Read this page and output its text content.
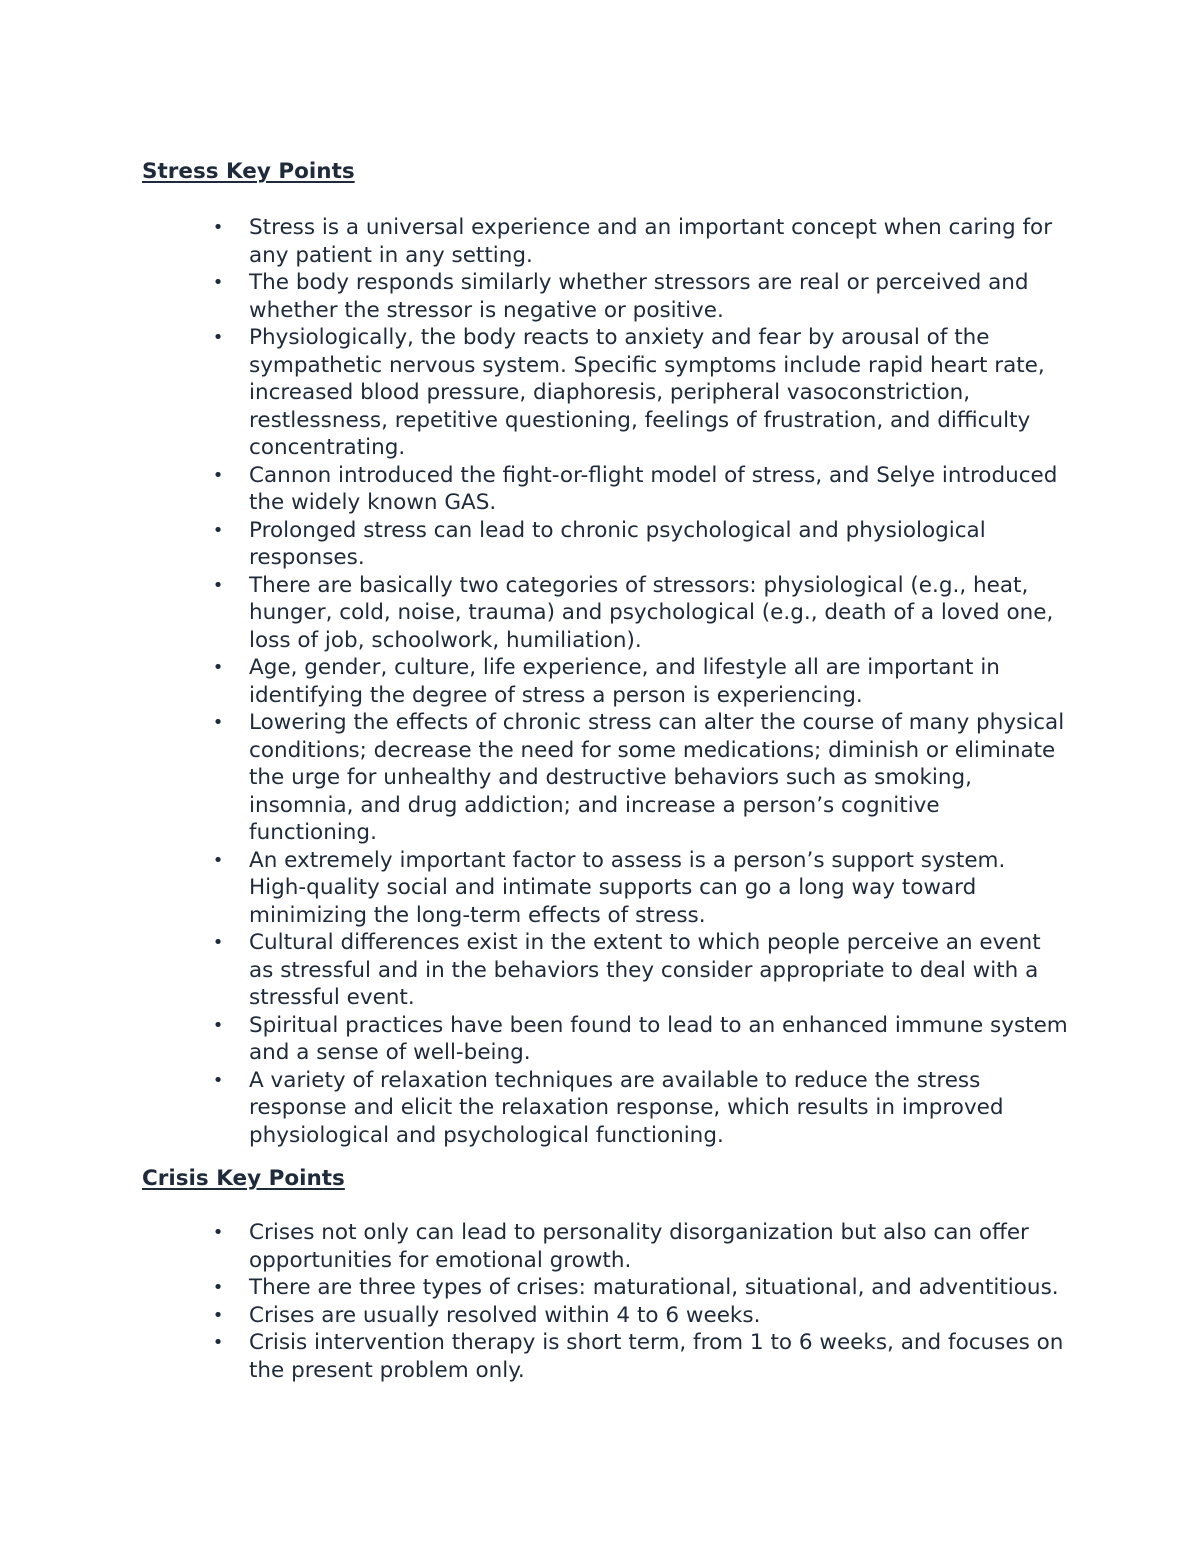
Stress Key Points
• Stress is a universal experience and an important concept when caring for any patient in any setting.
• The body responds similarly whether stressors are real or perceived and whether the stressor is negative or positive.
• Physiologically, the body reacts to anxiety and fear by arousal of the sympathetic nervous system. Specific symptoms include rapid heart rate, increased blood pressure, diaphoresis, peripheral vasoconstriction, restlessness, repetitive questioning, feelings of frustration, and difficulty concentrating.
• Cannon introduced the fight-or-flight model of stress, and Selye introduced the widely known GAS.
• Prolonged stress can lead to chronic psychological and physiological responses.
• There are basically two categories of stressors: physiological (e.g., heat, hunger, cold, noise, trauma) and psychological (e.g., death of a loved one, loss of job, schoolwork, humiliation).
• Age, gender, culture, life experience, and lifestyle all are important in identifying the degree of stress a person is experiencing.
• Lowering the effects of chronic stress can alter the course of many physical conditions; decrease the need for some medications; diminish or eliminate the urge for unhealthy and destructive behaviors such as smoking, insomnia, and drug addiction; and increase a person’s cognitive functioning.
• An extremely important factor to assess is a person’s support system. High-quality social and intimate supports can go a long way toward minimizing the long-term effects of stress.
• Cultural differences exist in the extent to which people perceive an event as stressful and in the behaviors they consider appropriate to deal with a stressful event.
• Spiritual practices have been found to lead to an enhanced immune system and a sense of well-being.
• A variety of relaxation techniques are available to reduce the stress response and elicit the relaxation response, which results in improved physiological and psychological functioning.
Crisis Key Points
• Crises not only can lead to personality disorganization but also can offer opportunities for emotional growth.
• There are three types of crises: maturational, situational, and adventitious.
• Crises are usually resolved within 4 to 6 weeks.
• Crisis intervention therapy is short term, from 1 to 6 weeks, and focuses on the present problem only.
